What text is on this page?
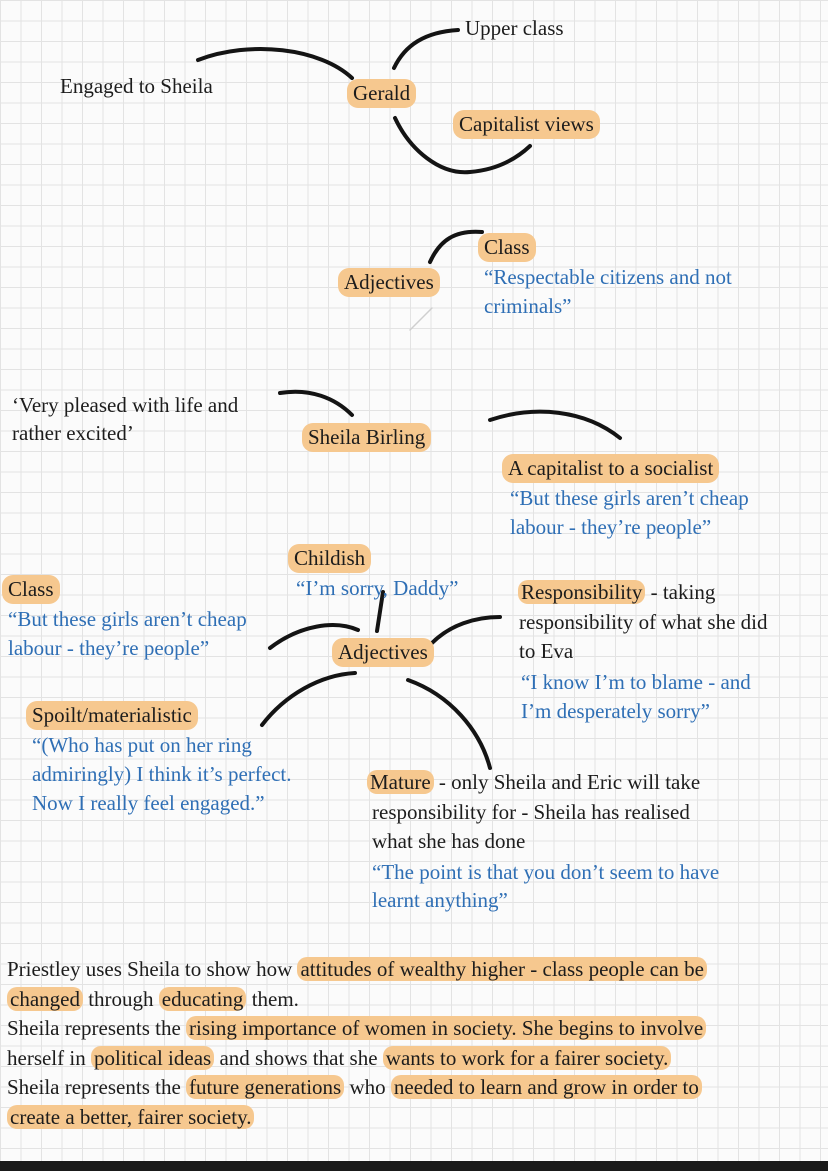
Engaged to Sheila	Gerald
Upper class
Capitalist views
Adjectives
Class
“Respectable citizens and not
criminals”
‘Very pleased with life and
rather excited’	Sheila Birling
A capitalist to a socialist
“But these girls aren’t cheap
labour - they’re people”
Adjectives
Childish
“I’m sorry, Daddy”
Class
“But these girls aren’t cheap
labour - they’re people”
Responsibility - taking
responsibility of what she did
to Eva
“I know I’m to blame - and
I’m desperately sorry”
Spoilt/materialistic
“(Who has put on her ring
admiringly) I think it’s perfect.
Now I really feel engaged.”
Mature - only Sheila and Eric will take
responsibility for - Sheila has realised
what she has done
“The point is that you don’t seem to have
learnt anything”
Priestley uses Sheila to show how attitudes of wealthy higher - class people can be
changed through educating them.
Sheila represents the rising importance of women in society. She begins to involve
herself in political ideas and shows that she wants to work for a fairer society.
Sheila represents the future generations who needed to learn and grow in order to
create a better, fairer society.
